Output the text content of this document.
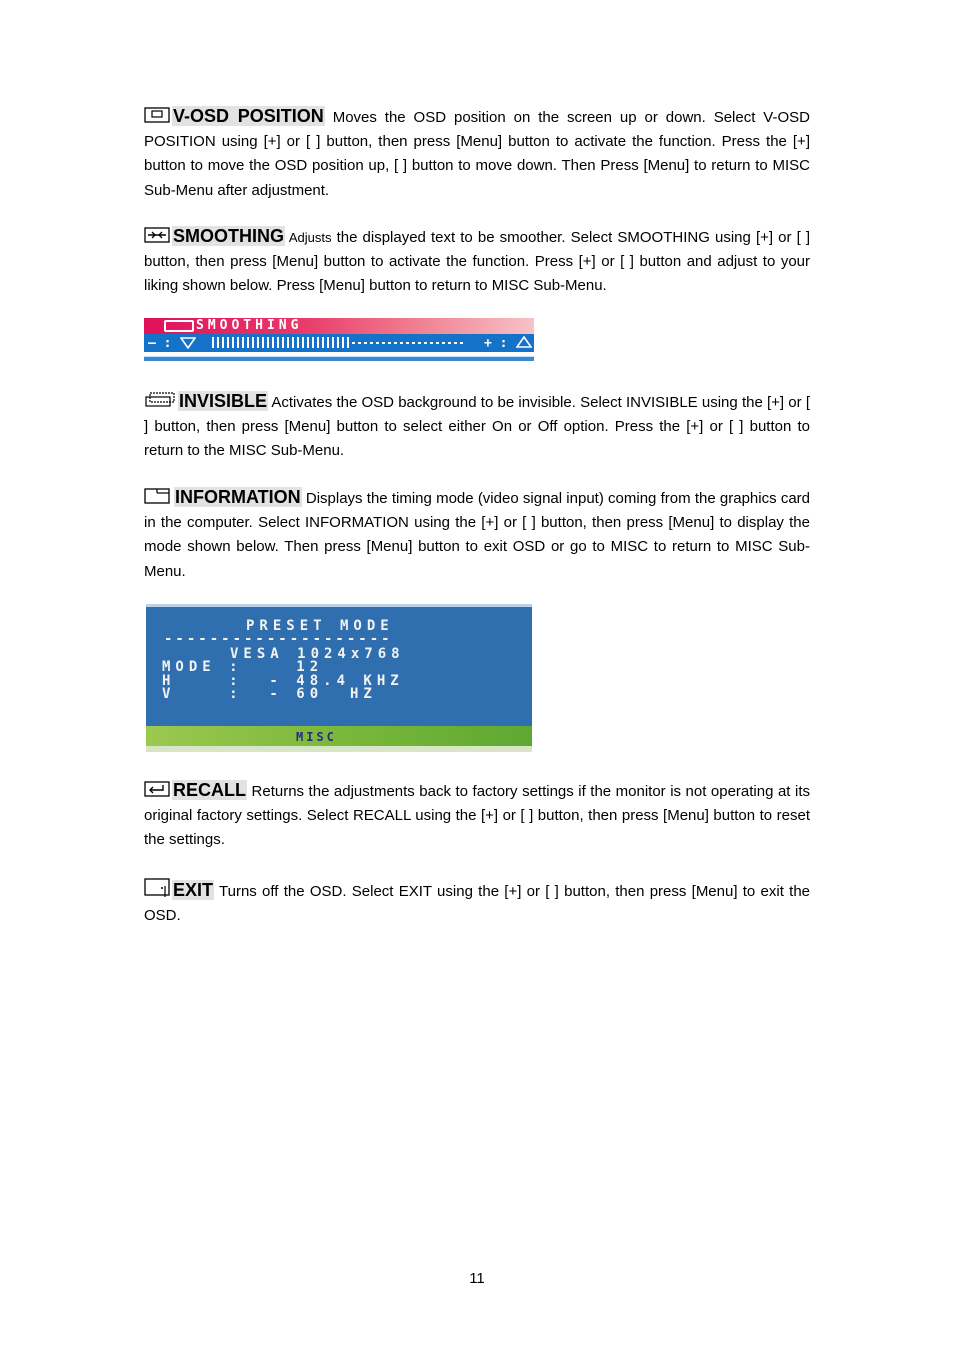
V-OSD POSITION Moves the OSD position on the screen up or down. Select V-OSD POSITION using [+] or [ ] button, then press [Menu] button to activate the function. Press the [+] button to move the OSD position up, [ ] button to move down. Then Press [Menu] to return to MISC Sub-Menu after adjustment.

SMOOTHING Adjusts the displayed text to be smoother. Select SMOOTHING using [+] or [ ] button, then press [Menu] button to activate the function. Press [+] or [ ] button and adjust to your liking shown below. Press [Menu] button to return to MISC Sub-Menu.

SMOOTHING
— :	+ :

INVISIBLE Activates the OSD background to be invisible. Select INVISIBLE using the [+] or [ ] button, then press [Menu] button to select either On or Off option. Press the [+] or [ ] button to return to the MISC Sub-Menu.

INFORMATION Displays the timing mode (video signal input) coming from the graphics card in the computer. Select INFORMATION using the [+] or [ ] button, then press [Menu] to display the mode shown below. Then press [Menu] button to exit OSD or go to MISC to return to MISC Sub-Menu.

PRESET MODE
--------------------
VESA 1024x768
MODE :    12
H    :  - 48.4 KHZ
V    :  - 60  HZ
MISC

RECALL Returns the adjustments back to factory settings if the monitor is not operating at its original factory settings. Select RECALL using the [+] or [ ] button, then press [Menu] button to reset the settings.

EXIT Turns off the OSD. Select EXIT using the [+] or [ ] button, then press [Menu] to exit the OSD.

11
